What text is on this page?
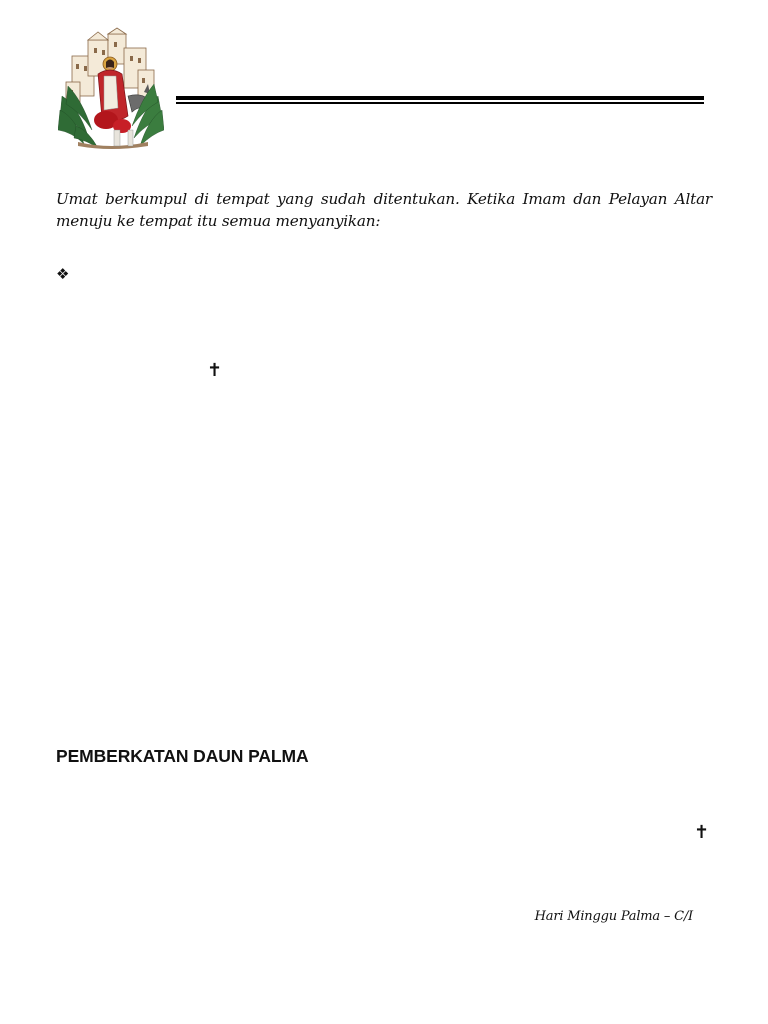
Umat berkumpul di tempat yang sudah ditentukan. Ketika Imam dan Pelayan Altar menuju ke tempat itu semua menyanyikan:

❖
✝
PEMBERKATAN DAUN PALMA
✝
Hari Minggu Palma – C/I
